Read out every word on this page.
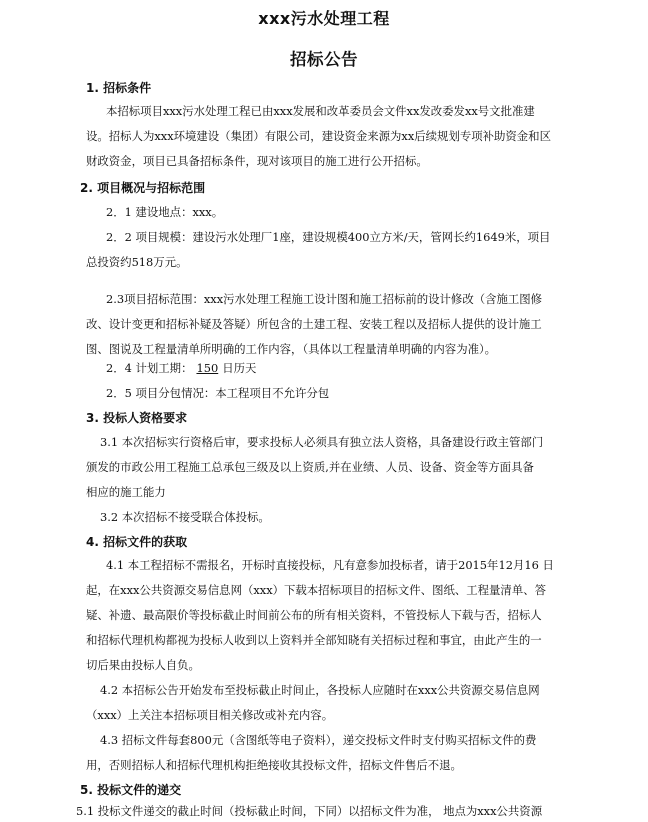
xxx污水处理工程
招标公告
1. 招标条件
本招标项目xxx污水处理工程已由xxx发展和改革委员会文件xx发改委发xx号文批准建
设。招标人为xxx环境建设（集团）有限公司，建设资金来源为xx后续规划专项补助资金和区
财政资金，项目已具备招标条件，现对该项目的施工进行公开招标。
2. 项目概况与招标范围
2．1 建设地点：xxx。
2．2 项目规模：建设污水处理厂1座，建设规模400立方米/天，管网长约1649米，项目
总投资约518万元。
2.3项目招标范围：xxx污水处理工程施工设计图和施工招标前的设计修改（含施工图修
改、设计变更和招标补疑及答疑）所包含的土建工程、安装工程以及招标人提供的设计施工
图、图说及工程量清单所明确的工作内容，（具体以工程量清单明确的内容为准）。
2．4 计划工期： 150 日历天
2．5 项目分包情况：本工程项目不允许分包
3. 投标人资格要求
3.1 本次招标实行资格后审，要求投标人必须具有独立法人资格，具备建设行政主管部门
颁发的市政公用工程施工总承包三级及以上资质,并在业绩、人员、设备、资金等方面具备
相应的施工能力
3.2 本次招标不接受联合体投标。
4. 招标文件的获取
4.1 本工程招标不需报名，开标时直接投标，凡有意参加投标者，请于2015年12月16 日
起，在xxx公共资源交易信息网（xxx）下载本招标项目的招标文件、图纸、工程量清单、答
疑、补遗、最高限价等投标截止时间前公布的所有相关资料，不管投标人下载与否，招标人
和招标代理机构都视为投标人收到以上资料并全部知晓有关招标过程和事宜，由此产生的一
切后果由投标人自负。
4.2 本招标公告开始发布至投标截止时间止，各投标人应随时在xxx公共资源交易信息网
（xxx）上关注本招标项目相关修改或补充内容。
4.3 招标文件每套800元（含图纸等电子资料），递交投标文件时支付购买招标文件的费
用，否则招标人和招标代理机构拒绝接收其投标文件，招标文件售后不退。
5. 投标文件的递交
5.1 投标文件递交的截止时间（投标截止时间，下同）以招标文件为准， 地点为xxx公共资源
